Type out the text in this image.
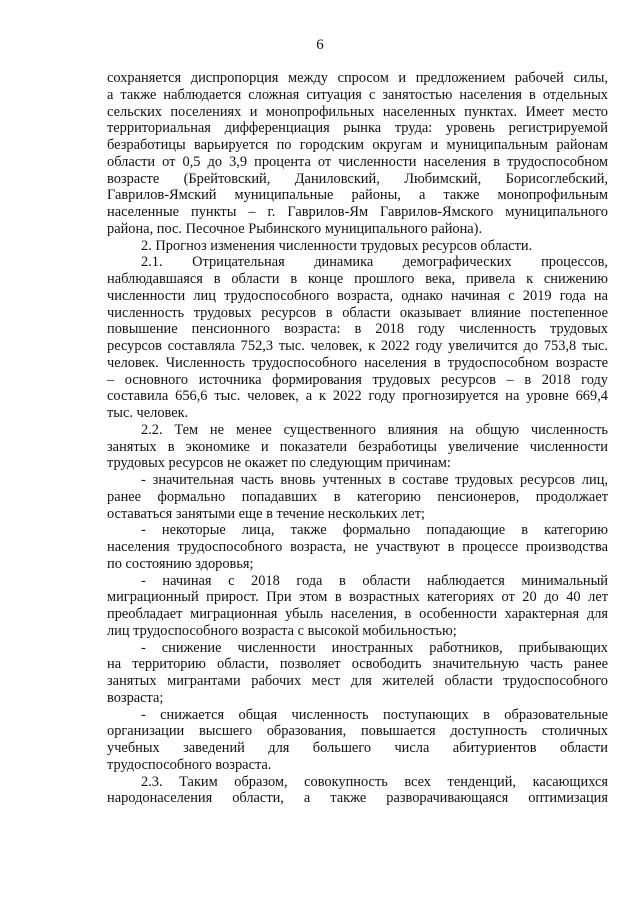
6
сохраняется диспропорция между спросом и предложением рабочей силы,
а также наблюдается сложная ситуация с занятостью населения в отдельных
сельских поселениях и монопрофильных населенных пунктах. Имеет место
территориальная дифференциация рынка труда: уровень регистрируемой
безработицы варьируется по городским округам и муниципальным районам
области от 0,5 до 3,9 процента от численности населения в трудоспособном
возрасте (Брейтовский, Даниловский, Любимский, Борисоглебский,
Гаврилов-Ямский муниципальные районы, а также монопрофильным
населенные пункты – г. Гаврилов-Ям Гаврилов-Ямского муниципального
района, пос. Песочное Рыбинского муниципального района).
2. Прогноз изменения численности трудовых ресурсов области.
2.1. Отрицательная динамика демографических процессов,
наблюдавшаяся в области в конце прошлого века, привела к снижению
численности лиц трудоспособного возраста, однако начиная с 2019 года на
численность трудовых ресурсов в области оказывает влияние постепенное
повышение пенсионного возраста: в 2018 году численность трудовых
ресурсов составляла 752,3 тыс. человек, к 2022 году увеличится до 753,8 тыс.
человек. Численность трудоспособного населения в трудоспособном возрасте
– основного источника формирования трудовых ресурсов – в 2018 году
составила 656,6 тыс. человек, а к 2022 году прогнозируется на уровне 669,4
тыс. человек.
2.2. Тем не менее существенного влияния на общую численность
занятых в экономике и показатели безработицы увеличение численности
трудовых ресурсов не окажет по следующим причинам:
- значительная часть вновь учтенных в составе трудовых ресурсов лиц,
ранее формально попадавших в категорию пенсионеров, продолжает
оставаться занятыми еще в течение нескольких лет;
- некоторые лица, также формально попадающие в категорию
населения трудоспособного возраста, не участвуют в процессе производства
по состоянию здоровья;
- начиная с 2018 года в области наблюдается минимальный
миграционный прирост. При этом в возрастных категориях от 20 до 40 лет
преобладает миграционная убыль населения, в особенности характерная для
лиц трудоспособного возраста с высокой мобильностью;
- снижение численности иностранных работников, прибывающих
на территорию области, позволяет освободить значительную часть ранее
занятых мигрантами рабочих мест для жителей области трудоспособного
возраста;
- снижается общая численность поступающих в образовательные
организации высшего образования, повышается доступность столичных
учебных заведений для большего числа абитуриентов области
трудоспособного возраста.
2.3. Таким образом, совокупность всех тенденций, касающихся
народонаселения области, а также разворачивающаяся оптимизация
